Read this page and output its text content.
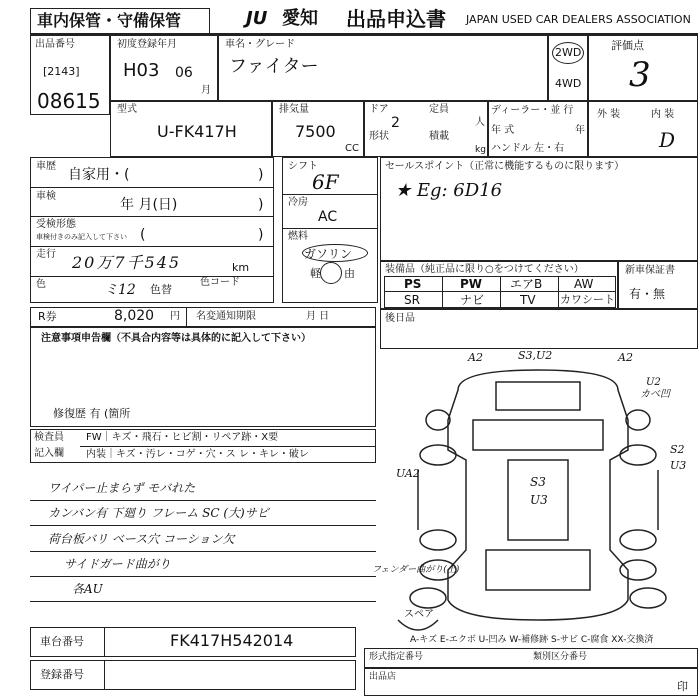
車内保管・守備保管	JU 愛知 出品申込書 JAPAN USED CAR DEALERS ASSOCIATION
出品番号
[2143]
08615
初度登録年月
H03 06
月
車名・グレード
ファイター
2WD
4WD
評価点
3
型式
U-FK417H
排気量
7500
CC
ドア
2
定員
人
形状	積載
kg
ディーラー・並 行
年 式	年
ハンドル 左・右
外 装	内 装
D
車歴
自家用・(	)
車検
年 月(日)	)
受検形態
車検付きのみ記入して下さい (	)
走行 20万7千545	km
色	ミ12 色替
色コード
シフト
6F
冷房
AC
燃料
ガソリン
軽 由
セールスポイント（正常に機能するものに限ります）
★ Eg: 6D16
装備品（純正品に限り○をつけてください）
PS	PW エアB	AW
SR	ナビ	TV カワシート
新車保証書
有・無
R券	8,020 円 名変通知期限	月 日	後日品
注意事項申告欄（不具合内容等は具体的に記入して下さい）
修復歴 有 (箇所
検査員
記入欄
FW｜キズ・飛石・ヒビ割・リペア跡・X要
内装｜キズ・汚レ・コゲ・穴・ス レ・キレ・破レ
ワイパー止まらず モバれた
カンバン有 下廻り フレーム SC (大)サビ
荷台板バリ ベース穴 コーション欠
サイドガード曲がり
各AU
A2	S3,U2	A2
U2
カベ凹
S2
U3
UA2
S3
U3
フェンダー曲がり(上)
スペア
A-キズ E-エクボ U-凹み W-補修跡 S-サビ C-腐食 XX-交換済
車台番号	FK417H542014
登録番号
形式指定番号	類別区分番号
出品店
印
